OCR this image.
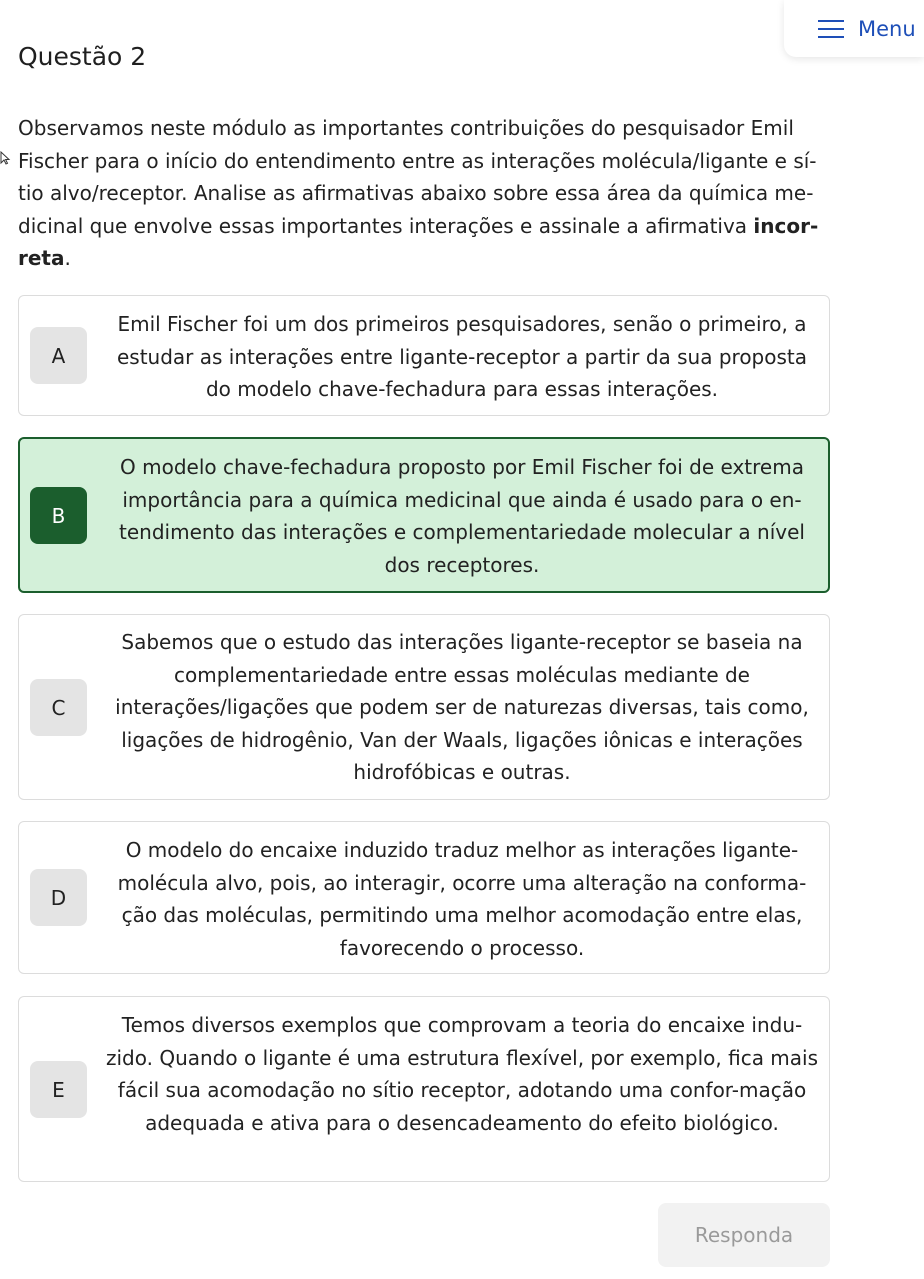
Menu
Questão 2

Observamos neste módulo as importantes contribuições do pesquisador Emil Fischer para o início do entendimento entre as interações molécula/ligante e sí-tio alvo/receptor. Analise as afirmativas abaixo sobre essa área da química me-dicinal que envolve essas importantes interações e assinale a afirmativa incor-reta.

A

Emil Fischer foi um dos primeiros pesquisadores, senão o primeiro, a estudar as interações entre ligante-receptor a partir da sua proposta do modelo chave-fechadura para essas interações.

B

O modelo chave-fechadura proposto por Emil Fischer foi de extrema importância para a química medicinal que ainda é usado para o en-tendimento das interações e complementariedade molecular a nível dos receptores.

C

Sabemos que o estudo das interações ligante-receptor se baseia na complementariedade entre essas moléculas mediante de interações/ligações que podem ser de naturezas diversas, tais como, ligações de hidrogênio, Van der Waals, ligações iônicas e interações hidrofóbicas e outras.

D

O modelo do encaixe induzido traduz melhor as interações ligante-molécula alvo, pois, ao interagir, ocorre uma alteração na conforma-ção das moléculas, permitindo uma melhor acomodação entre elas, favorecendo o processo.

E

Temos diversos exemplos que comprovam a teoria do encaixe indu-zido. Quando o ligante é uma estrutura flexível, por exemplo, fica mais fácil sua acomodação no sítio receptor, adotando uma confor-mação adequada e ativa para o desencadeamento do efeito biológico.

Responda
